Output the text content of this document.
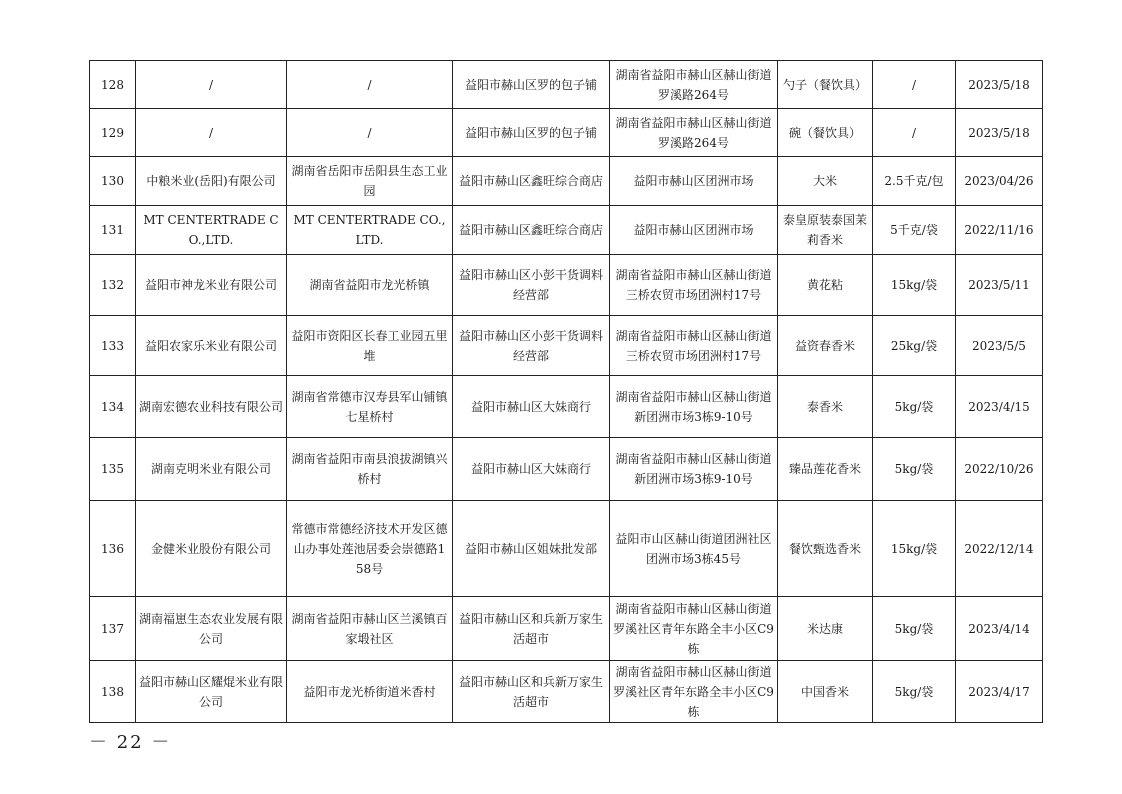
128	/	/	益阳市赫山区罗的包子铺	湖南省益阳市赫山区赫山街道罗溪路264号	勺子（餐饮具）	/	2023/5/18
129	/	/	益阳市赫山区罗的包子铺	湖南省益阳市赫山区赫山街道罗溪路264号	碗（餐饮具）	/	2023/5/18
130	中粮米业(岳阳)有限公司	湖南省岳阳市岳阳县生态工业园	益阳市赫山区鑫旺综合商店	益阳市赫山区团洲市场	大米	2.5千克/包	2023/04/26
131	MT CENTERTRADE CO.,LTD.	MT CENTERTRADE CO.,LTD.	益阳市赫山区鑫旺综合商店	益阳市赫山区团洲市场	泰皇原装泰国茉莉香米	5千克/袋	2022/11/16
132	益阳市神龙米业有限公司	湖南省益阳市龙光桥镇	益阳市赫山区小彭干货调料经营部	湖南省益阳市赫山区赫山街道三桥农贸市场团洲村17号	黄花粘	15kg/袋	2023/5/11
133	益阳农家乐米业有限公司	益阳市资阳区长春工业园五里堆	益阳市赫山区小彭干货调料经营部	湖南省益阳市赫山区赫山街道三桥农贸市场团洲村17号	益资春香米	25kg/袋	2023/5/5
134	湖南宏德农业科技有限公司	湖南省常德市汉寿县军山铺镇七星桥村	益阳市赫山区大妹商行	湖南省益阳市赫山区赫山街道新团洲市场3栋9-10号	泰香米	5kg/袋	2023/4/15
135	湖南克明米业有限公司	湖南省益阳市南县浪拔湖镇兴桥村	益阳市赫山区大妹商行	湖南省益阳市赫山区赫山街道新团洲市场3栋9-10号	臻品莲花香米	5kg/袋	2022/10/26
136	金健米业股份有限公司	常德市常德经济技术开发区德山办事处莲池居委会崇德路158号	益阳市赫山区姐妹批发部	益阳市山区赫山街道团洲社区团洲市场3栋45号	餐饮甄选香米	15kg/袋	2022/12/14
137	湖南福崽生态农业发展有限公司	湖南省益阳市赫山区兰溪镇百家塅社区	益阳市赫山区和兵新万家生活超市	湖南省益阳市赫山区赫山街道罗溪社区青年东路全丰小区C9栋	米达康	5kg/袋	2023/4/14
138	益阳市赫山区耀焜米业有限公司	益阳市龙光桥街道米香村	益阳市赫山区和兵新万家生活超市	湖南省益阳市赫山区赫山街道罗溪社区青年东路全丰小区C9栋	中国香米	5kg/袋	2023/4/17
－ 22 －
